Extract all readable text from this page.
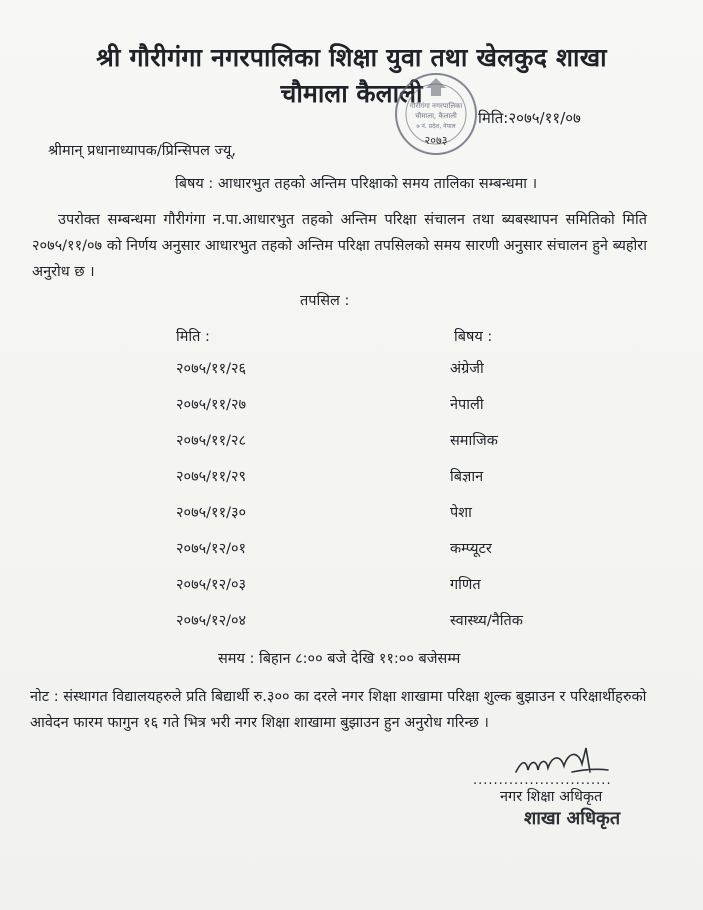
श्री गौरीगंगा नगरपालिका शिक्षा युवा तथा खेलकुद शाखा
चौमाला कैलाली
गौरीगंगा नगरपालिका
चौमाला, कैलाली
७ नं. प्रदेश, नेपाल
२०७३
मिति:२०७५/११/०७
श्रीमान् प्रधानाध्यापक/प्रिन्सिपल ज्यू,
बिषय : आधारभुत तहको अन्तिम परिक्षाको समय तालिका सम्बन्धमा ।
उपरोक्त सम्बन्धमा गौरीगंगा न.पा.आधारभुत तहको अन्तिम परिक्षा संचालन तथा ब्यबस्थापन समितिको मिति २०७५/११/०७ को निर्णय अनुसार आधारभुत तहको अन्तिम परिक्षा तपसिलको समय सारणी अनुसार संचालन हुने ब्यहोरा अनुरोध छ ।
तपसिल :
मिति :	बिषय :
२०७५/११/२६	अंग्रेजी
२०७५/११/२७	नेपाली
२०७५/११/२८	समाजिक
२०७५/११/२९	बिज्ञान
२०७५/११/३०	पेशा
२०७५/१२/०१	कम्प्यूटर
२०७५/१२/०३	गणित
२०७५/१२/०४	स्वास्थ्य/नैतिक
समय : बिहान ८:०० बजे देखि ११:०० बजेसम्म
नोट : संस्थागत विद्यालयहरुले प्रति बिद्यार्थी रु.३०० का दरले नगर शिक्षा शाखामा परिक्षा शुल्क बुझाउन र परिक्षार्थीहरुको आवेदन फारम फागुन १६ गते भित्र भरी नगर शिक्षा शाखामा बुझाउन हुन अनुरोध गरिन्छ ।
...........................
नगर शिक्षा अधिकृत
शाखा अधिकृत
